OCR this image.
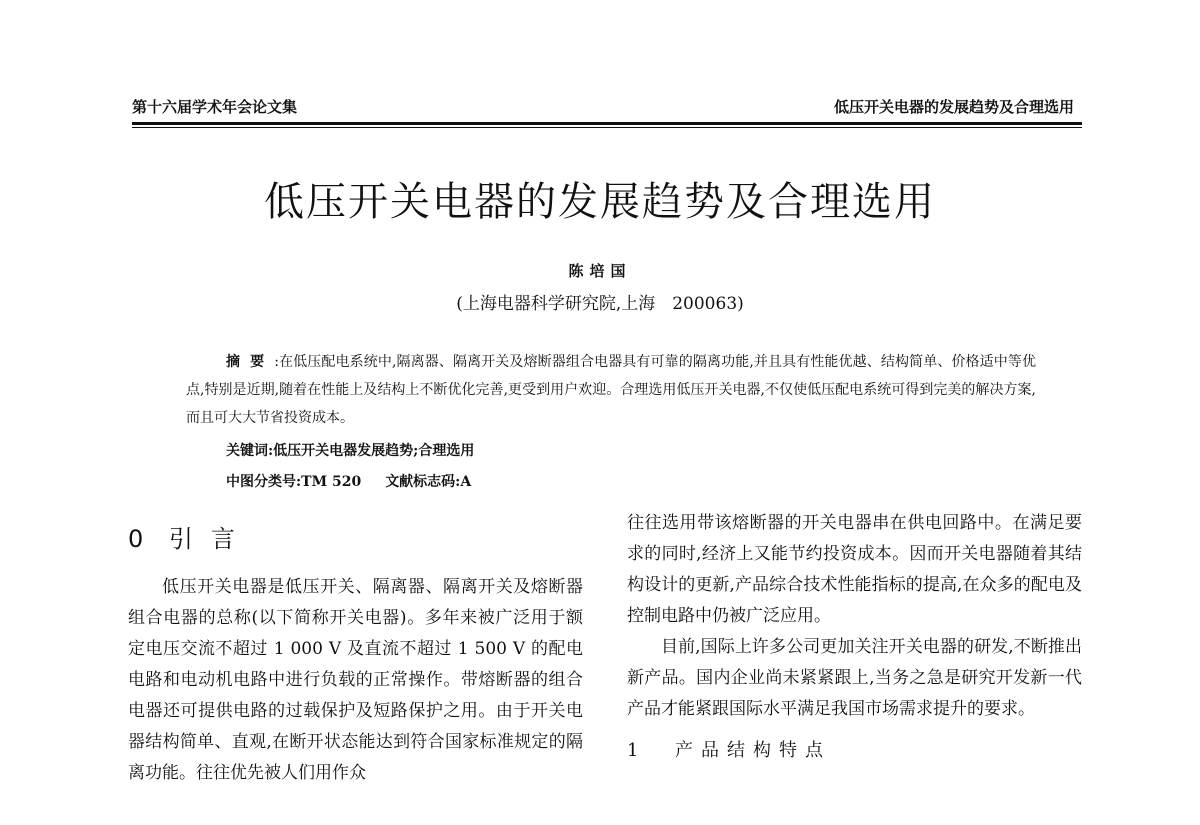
第十六届学术年会论文集	低压开关电器的发展趋势及合理选用
低压开关电器的发展趋势及合理选用
陈培国
(上海电器科学研究院,上海　200063)
摘要:在低压配电系统中,隔离器、隔离开关及熔断器组合电器具有可靠的隔离功能,并且具有性能优越、结构简单、价格适中等优点,特别是近期,随着在性能上及结构上不断优化完善,更受到用户欢迎。合理选用低压开关电器,不仅使低压配电系统可得到完美的解决方案,而且可大大节省投资成本。
关键词:低压开关电器发展趋势;合理选用
中图分类号:TM 520 文献标志码:A
0 引言

低压开关电器是低压开关、隔离器、隔离开关及熔断器组合电器的总称(以下简称开关电器)。多年来被广泛用于额定电压交流不超过 1 000 V 及直流不超过 1 500 V 的配电电路和电动机电路中进行负载的正常操作。带熔断器的组合电器还可提供电路的过载保护及短路保护之用。由于开关电器结构简单、直观,在断开状态能达到符合国家标准规定的隔离功能。往往优先被人们用作众

往往选用带该熔断器的开关电器串在供电回路中。在满足要求的同时,经济上又能节约投资成本。因而开关电器随着其结构设计的更新,产品综合技术性能指标的提高,在众多的配电及控制电路中仍被广泛应用。

目前,国际上许多公司更加关注开关电器的研发,不断推出新产品。国内企业尚未紧紧跟上,当务之急是研究开发新一代产品才能紧跟国际水平满足我国市场需求提升的要求。

1 产品结构特点
